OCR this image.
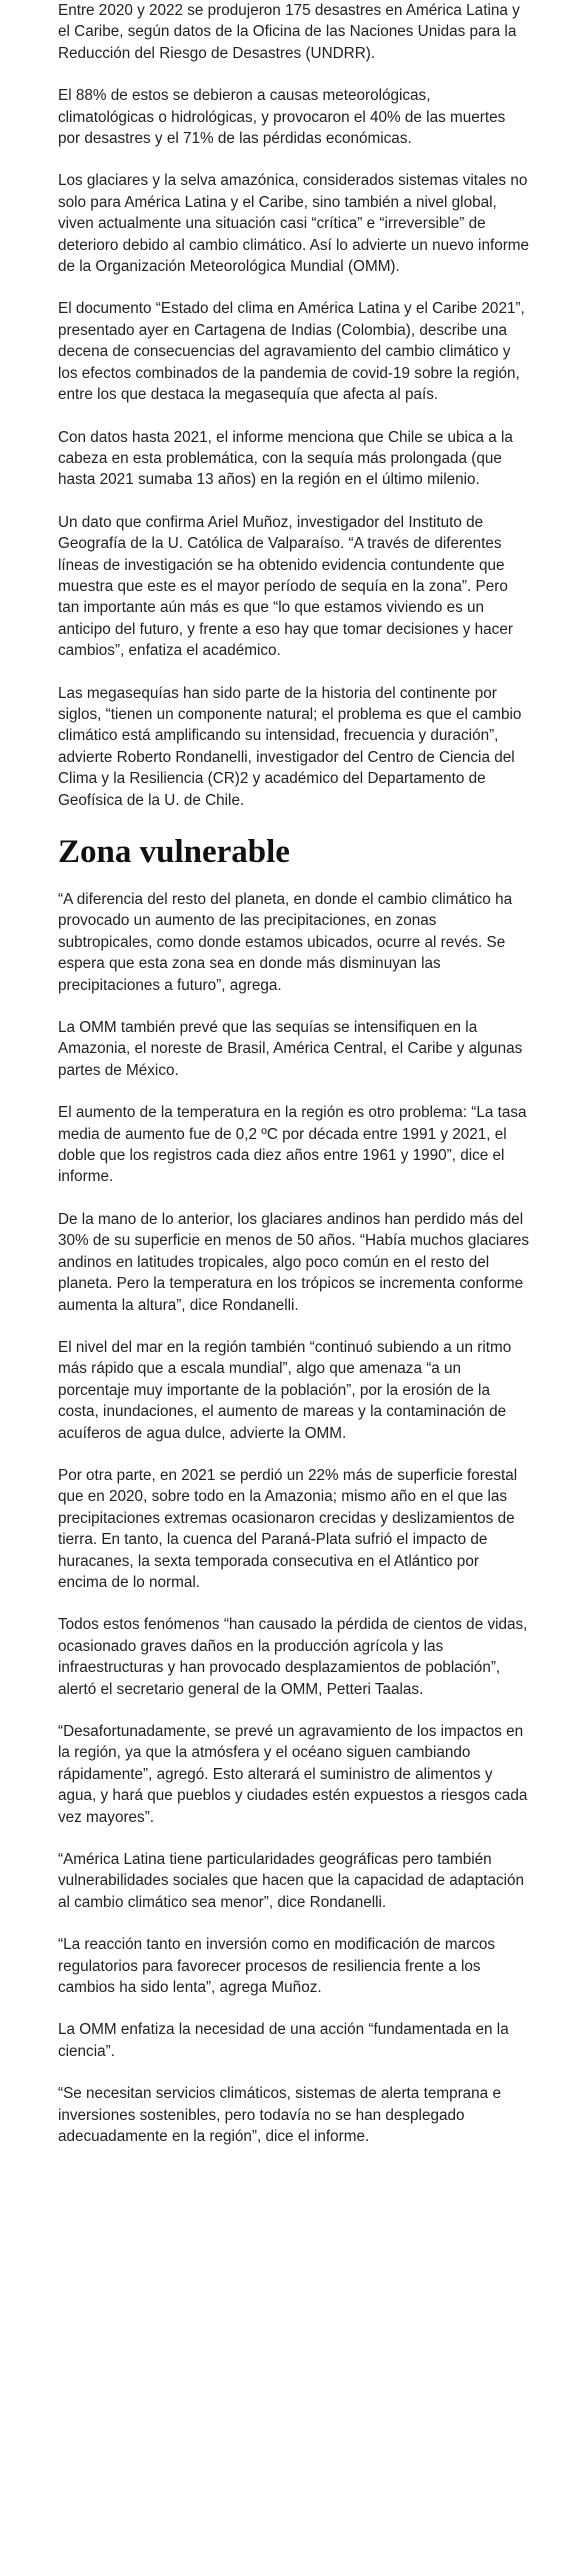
Entre 2020 y 2022 se produjeron 175 desastres en América Latina y el Caribe, según datos de la Oficina de las Naciones Unidas para la Reducción del Riesgo de Desastres (UNDRR).

El 88% de estos se debieron a causas meteorológicas, climatológicas o hidrológicas, y provocaron el 40% de las muertes por desastres y el 71% de las pérdidas económicas.

Los glaciares y la selva amazónica, considerados sistemas vitales no solo para América Latina y el Caribe, sino también a nivel global, viven actualmente una situación casi “crítica” e “irreversible” de deterioro debido al cambio climático. Así lo advierte un nuevo informe de la Organización Meteorológica Mundial (OMM).

El documento “Estado del clima en América Latina y el Caribe 2021”, presentado ayer en Cartagena de Indias (Colombia), describe una decena de consecuencias del agravamiento del cambio climático y los efectos combinados de la pandemia de covid-19 sobre la región, entre los que destaca la megasequía que afecta al país.

Con datos hasta 2021, el informe menciona que Chile se ubica a la cabeza en esta problemática, con la sequía más prolongada (que hasta 2021 sumaba 13 años) en la región en el último milenio.

Un dato que confirma Ariel Muñoz, investigador del Instituto de Geografía de la U. Católica de Valparaíso. “A través de diferentes líneas de investigación se ha obtenido evidencia contundente que muestra que este es el mayor período de sequía en la zona”. Pero tan importante aún más es que “lo que estamos viviendo es un anticipo del futuro, y frente a eso hay que tomar decisiones y hacer cambios”, enfatiza el académico.

Las megasequías han sido parte de la historia del continente por siglos, “tienen un componente natural; el problema es que el cambio climático está amplificando su intensidad, frecuencia y duración”, advierte Roberto Rondanelli, investigador del Centro de Ciencia del Clima y la Resiliencia (CR)2 y académico del Departamento de Geofísica de la U. de Chile.

Zona vulnerable

“A diferencia del resto del planeta, en donde el cambio climático ha provocado un aumento de las precipitaciones, en zonas subtropicales, como donde estamos ubicados, ocurre al revés. Se espera que esta zona sea en donde más disminuyan las precipitaciones a futuro”, agrega.

La OMM también prevé que las sequías se intensifiquen en la Amazonia, el noreste de Brasil, América Central, el Caribe y algunas partes de México.

El aumento de la temperatura en la región es otro problema: “La tasa media de aumento fue de 0,2 ºC por década entre 1991 y 2021, el doble que los registros cada diez años entre 1961 y 1990”, dice el informe.

De la mano de lo anterior, los glaciares andinos han perdido más del 30% de su superficie en menos de 50 años. “Había muchos glaciares andinos en latitudes tropicales, algo poco común en el resto del planeta. Pero la temperatura en los trópicos se incrementa conforme aumenta la altura”, dice Rondanelli.

El nivel del mar en la región también “continuó subiendo a un ritmo más rápido que a escala mundial”, algo que amenaza “a un porcentaje muy importante de la población”, por la erosión de la costa, inundaciones, el aumento de mareas y la contaminación de acuíferos de agua dulce, advierte la OMM.

Por otra parte, en 2021 se perdió un 22% más de superficie forestal que en 2020, sobre todo en la Amazonia; mismo año en el que las precipitaciones extremas ocasionaron crecidas y deslizamientos de tierra. En tanto, la cuenca del Paraná-Plata sufrió el impacto de huracanes, la sexta temporada consecutiva en el Atlántico por encima de lo normal.

Todos estos fenómenos “han causado la pérdida de cientos de vidas, ocasionado graves daños en la producción agrícola y las infraestructuras y han provocado desplazamientos de población”, alertó el secretario general de la OMM, Petteri Taalas.

“Desafortunadamente, se prevé un agravamiento de los impactos en la región, ya que la atmósfera y el océano siguen cambiando rápidamente”, agregó. Esto alterará el suministro de alimentos y agua, y hará que pueblos y ciudades estén expuestos a riesgos cada vez mayores”.

“América Latina tiene particularidades geográficas pero también vulnerabilidades sociales que hacen que la capacidad de adaptación al cambio climático sea menor”, dice Rondanelli.

“La reacción tanto en inversión como en modificación de marcos regulatorios para favorecer procesos de resiliencia frente a los cambios ha sido lenta”, agrega Muñoz.

La OMM enfatiza la necesidad de una acción “fundamentada en la ciencia”.

“Se necesitan servicios climáticos, sistemas de alerta temprana e inversiones sostenibles, pero todavía no se han desplegado adecuadamente en la región”, dice el informe.
